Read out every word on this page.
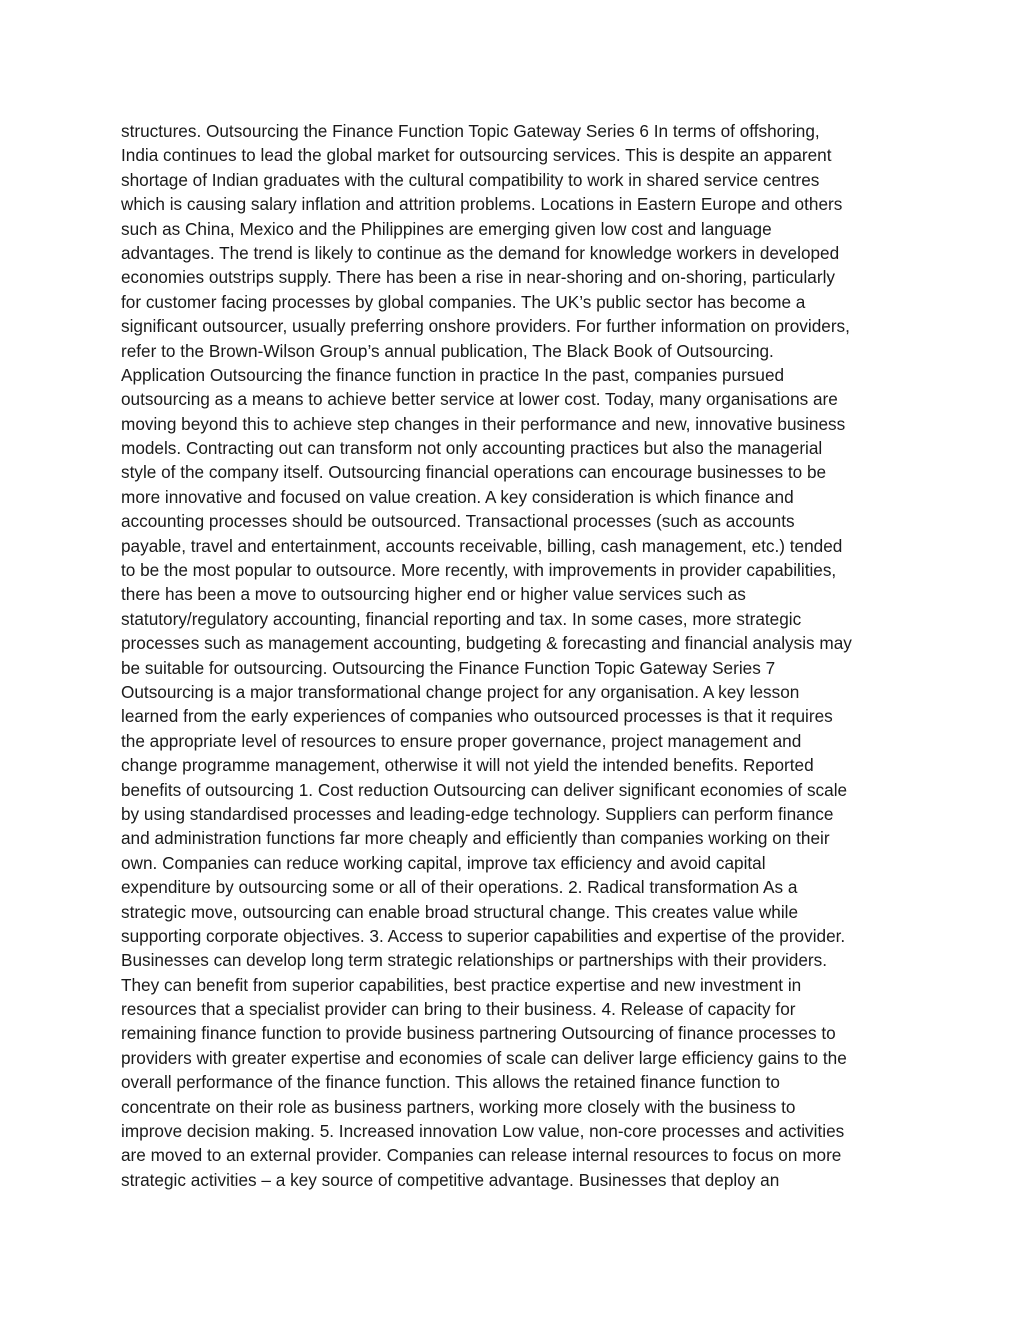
structures. Outsourcing the Finance Function Topic Gateway Series 6 In terms of offshoring,
India continues to lead the global market for outsourcing services. This is despite an apparent
shortage of Indian graduates with the cultural compatibility to work in shared service centres
which is causing salary inflation and attrition problems. Locations in Eastern Europe and others
such as China, Mexico and the Philippines are emerging given low cost and language
advantages. The trend is likely to continue as the demand for knowledge workers in developed
economies outstrips supply. There has been a rise in near-shoring and on-shoring, particularly
for customer facing processes by global companies. The UK’s public sector has become a
significant outsourcer, usually preferring onshore providers. For further information on providers,
refer to the Brown-Wilson Group’s annual publication, The Black Book of Outsourcing.
Application Outsourcing the finance function in practice In the past, companies pursued
outsourcing as a means to achieve better service at lower cost. Today, many organisations are
moving beyond this to achieve step changes in their performance and new, innovative business
models. Contracting out can transform not only accounting practices but also the managerial
style of the company itself. Outsourcing financial operations can encourage businesses to be
more innovative and focused on value creation. A key consideration is which finance and
accounting processes should be outsourced. Transactional processes (such as accounts
payable, travel and entertainment, accounts receivable, billing, cash management, etc.) tended
to be the most popular to outsource. More recently, with improvements in provider capabilities,
there has been a move to outsourcing higher end or higher value services such as
statutory/regulatory accounting, financial reporting and tax. In some cases, more strategic
processes such as management accounting, budgeting & forecasting and financial analysis may
be suitable for outsourcing. Outsourcing the Finance Function Topic Gateway Series 7
Outsourcing is a major transformational change project for any organisation. A key lesson
learned from the early experiences of companies who outsourced processes is that it requires
the appropriate level of resources to ensure proper governance, project management and
change programme management, otherwise it will not yield the intended benefits. Reported
benefits of outsourcing 1. Cost reduction Outsourcing can deliver significant economies of scale
by using standardised processes and leading-edge technology. Suppliers can perform finance
and administration functions far more cheaply and efficiently than companies working on their
own. Companies can reduce working capital, improve tax efficiency and avoid capital
expenditure by outsourcing some or all of their operations. 2. Radical transformation As a
strategic move, outsourcing can enable broad structural change. This creates value while
supporting corporate objectives. 3. Access to superior capabilities and expertise of the provider.
Businesses can develop long term strategic relationships or partnerships with their providers.
They can benefit from superior capabilities, best practice expertise and new investment in
resources that a specialist provider can bring to their business. 4. Release of capacity for
remaining finance function to provide business partnering Outsourcing of finance processes to
providers with greater expertise and economies of scale can deliver large efficiency gains to the
overall performance of the finance function. This allows the retained finance function to
concentrate on their role as business partners, working more closely with the business to
improve decision making. 5. Increased innovation Low value, non-core processes and activities
are moved to an external provider. Companies can release internal resources to focus on more
strategic activities – a key source of competitive advantage. Businesses that deploy an
